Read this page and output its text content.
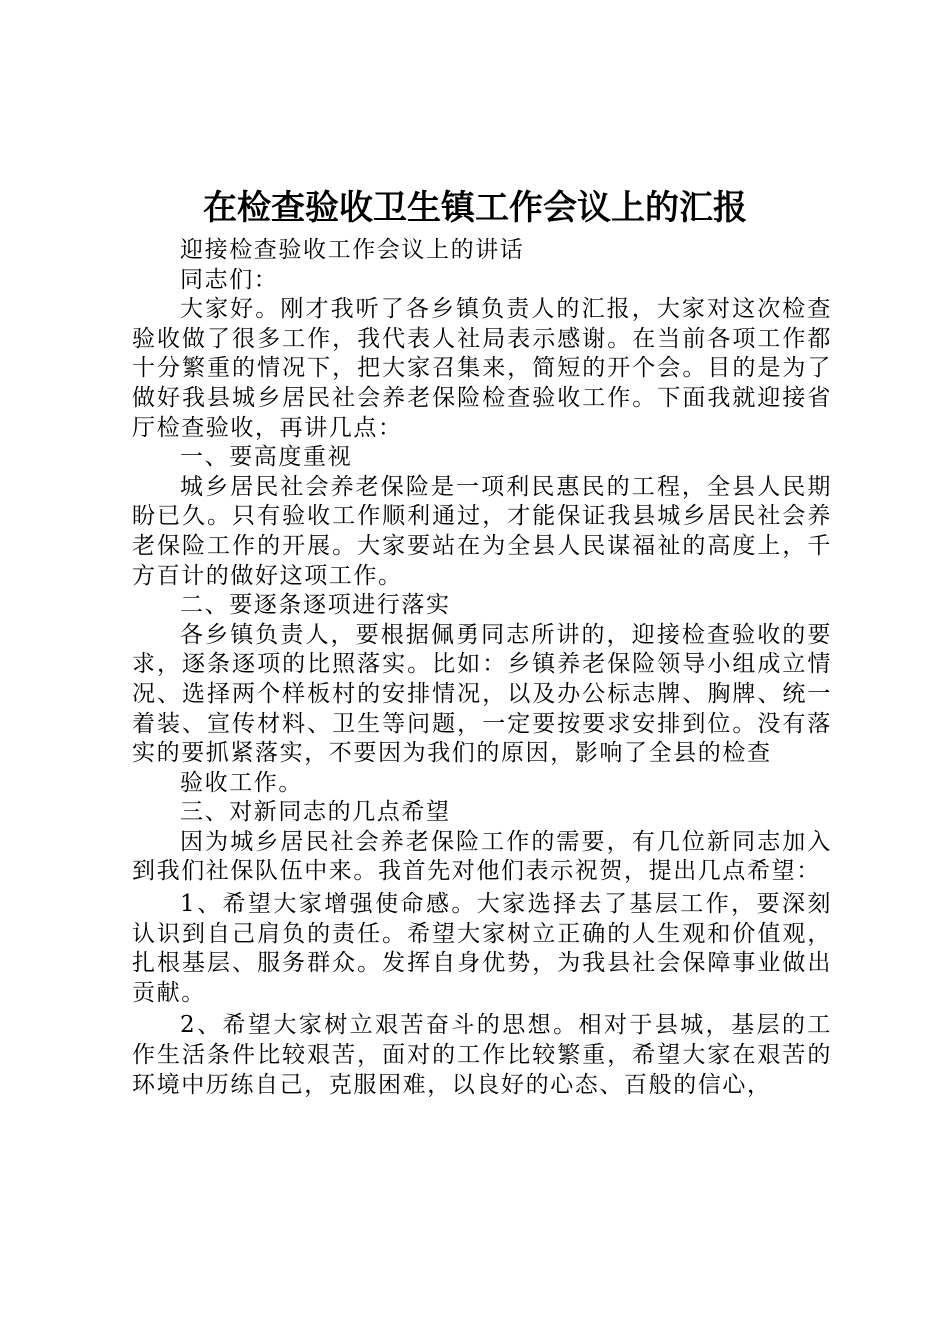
在检查验收卫生镇工作会议上的汇报

迎接检查验收工作会议上的讲话

同志们：

大家好。刚才我听了各乡镇负责人的汇报，大家对这次检查验收做了很多工作，我代表人社局表示感谢。在当前各项工作都十分繁重的情况下，把大家召集来，简短的开个会。目的是为了做好我县城乡居民社会养老保险检查验收工作。下面我就迎接省厅检查验收，再讲几点：

一、要高度重视

城乡居民社会养老保险是一项利民惠民的工程，全县人民期盼已久。只有验收工作顺利通过，才能保证我县城乡居民社会养老保险工作的开展。大家要站在为全县人民谋福祉的高度上，千方百计的做好这项工作。

二、要逐条逐项进行落实

各乡镇负责人，要根据佩勇同志所讲的，迎接检查验收的要求，逐条逐项的比照落实。比如：乡镇养老保险领导小组成立情况、选择两个样板村的安排情况，以及办公标志牌、胸牌、统一着装、宣传材料、卫生等问题，一定要按要求安排到位。没有落实的要抓紧落实，不要因为我们的原因，影响了全县的检查

验收工作。

三、对新同志的几点希望

因为城乡居民社会养老保险工作的需要，有几位新同志加入到我们社保队伍中来。我首先对他们表示祝贺，提出几点希望：

1、希望大家增强使命感。大家选择去了基层工作，要深刻认识到自己肩负的责任。希望大家树立正确的人生观和价值观，扎根基层、服务群众。发挥自身优势，为我县社会保障事业做出贡献。

2、希望大家树立艰苦奋斗的思想。相对于县城，基层的工作生活条件比较艰苦，面对的工作比较繁重，希望大家在艰苦的环境中历练自己，克服困难，以良好的心态、百般的信心，
